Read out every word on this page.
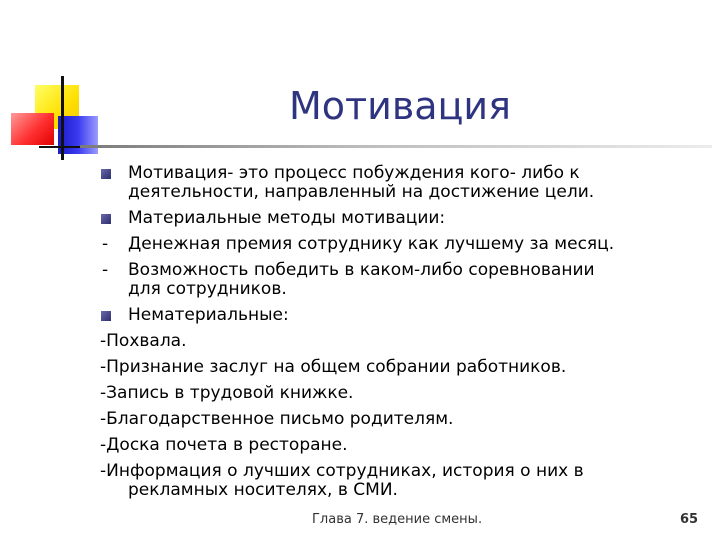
Мотивация

Мотивация- это процесс побуждения кого- либо к

деятельности, направленный на достижение цели.

Материальные методы мотивации:

- Денежная премия сотруднику как лучшему за месяц.

- Возможность победить в каком-либо соревновании

для сотрудников.

Нематериальные:

-Похвала.

-Признание заслуг на общем собрании работников.

-Запись в трудовой книжке.

-Благодарственное письмо родителям.

-Доска почета в ресторане.

-Информация о лучших сотрудниках, история о них в
рекламных носителях, в СМИ.

Глава 7. ведение смены.	65
